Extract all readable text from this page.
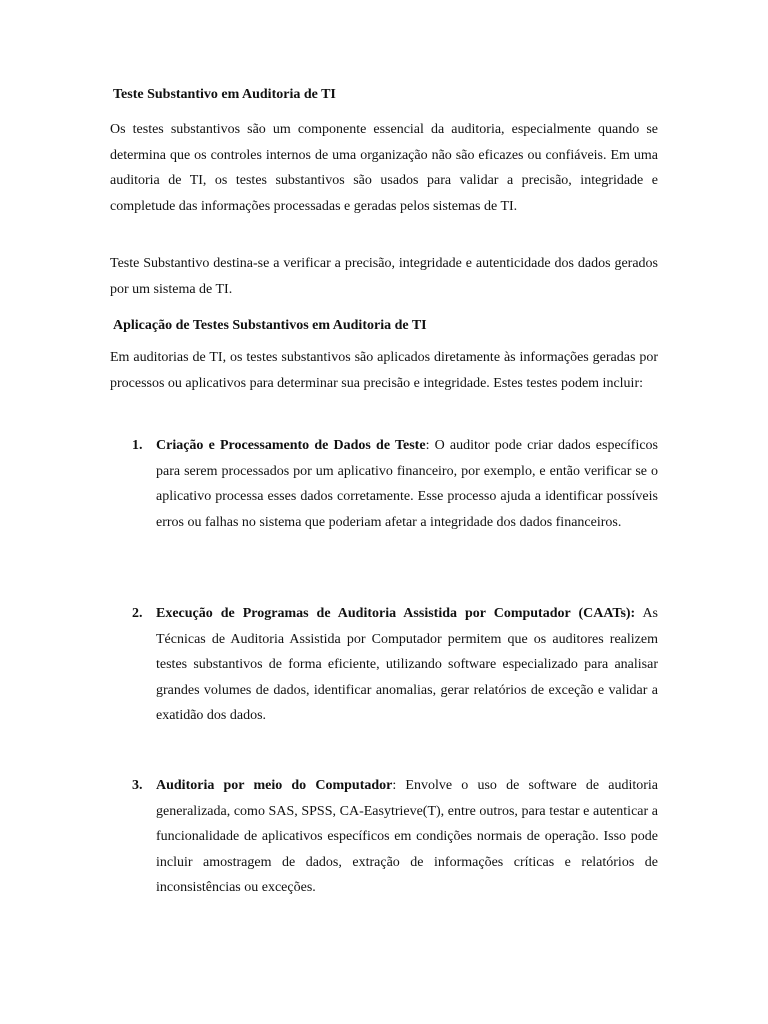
Teste Substantivo em Auditoria de TI

Os testes substantivos são um componente essencial da auditoria, especialmente quando se determina que os controles internos de uma organização não são eficazes ou confiáveis. Em uma auditoria de TI, os testes substantivos são usados para validar a precisão, integridade e completude das informações processadas e geradas pelos sistemas de TI.

Teste Substantivo destina-se a verificar a precisão, integridade e autenticidade dos dados gerados por um sistema de TI.

Aplicação de Testes Substantivos em Auditoria de TI

Em auditorias de TI, os testes substantivos são aplicados diretamente às informações geradas por processos ou aplicativos para determinar sua precisão e integridade. Estes testes podem incluir:

1. Criação e Processamento de Dados de Teste: O auditor pode criar dados específicos para serem processados por um aplicativo financeiro, por exemplo, e então verificar se o aplicativo processa esses dados corretamente. Esse processo ajuda a identificar possíveis erros ou falhas no sistema que poderiam afetar a integridade dos dados financeiros.
2. Execução de Programas de Auditoria Assistida por Computador (CAATs): As Técnicas de Auditoria Assistida por Computador permitem que os auditores realizem testes substantivos de forma eficiente, utilizando software especializado para analisar grandes volumes de dados, identificar anomalias, gerar relatórios de exceção e validar a exatidão dos dados.
3. Auditoria por meio do Computador: Envolve o uso de software de auditoria generalizada, como SAS, SPSS, CA-Easytrieve(T), entre outros, para testar e autenticar a funcionalidade de aplicativos específicos em condições normais de operação. Isso pode incluir amostragem de dados, extração de informações críticas e relatórios de inconsistências ou exceções.
